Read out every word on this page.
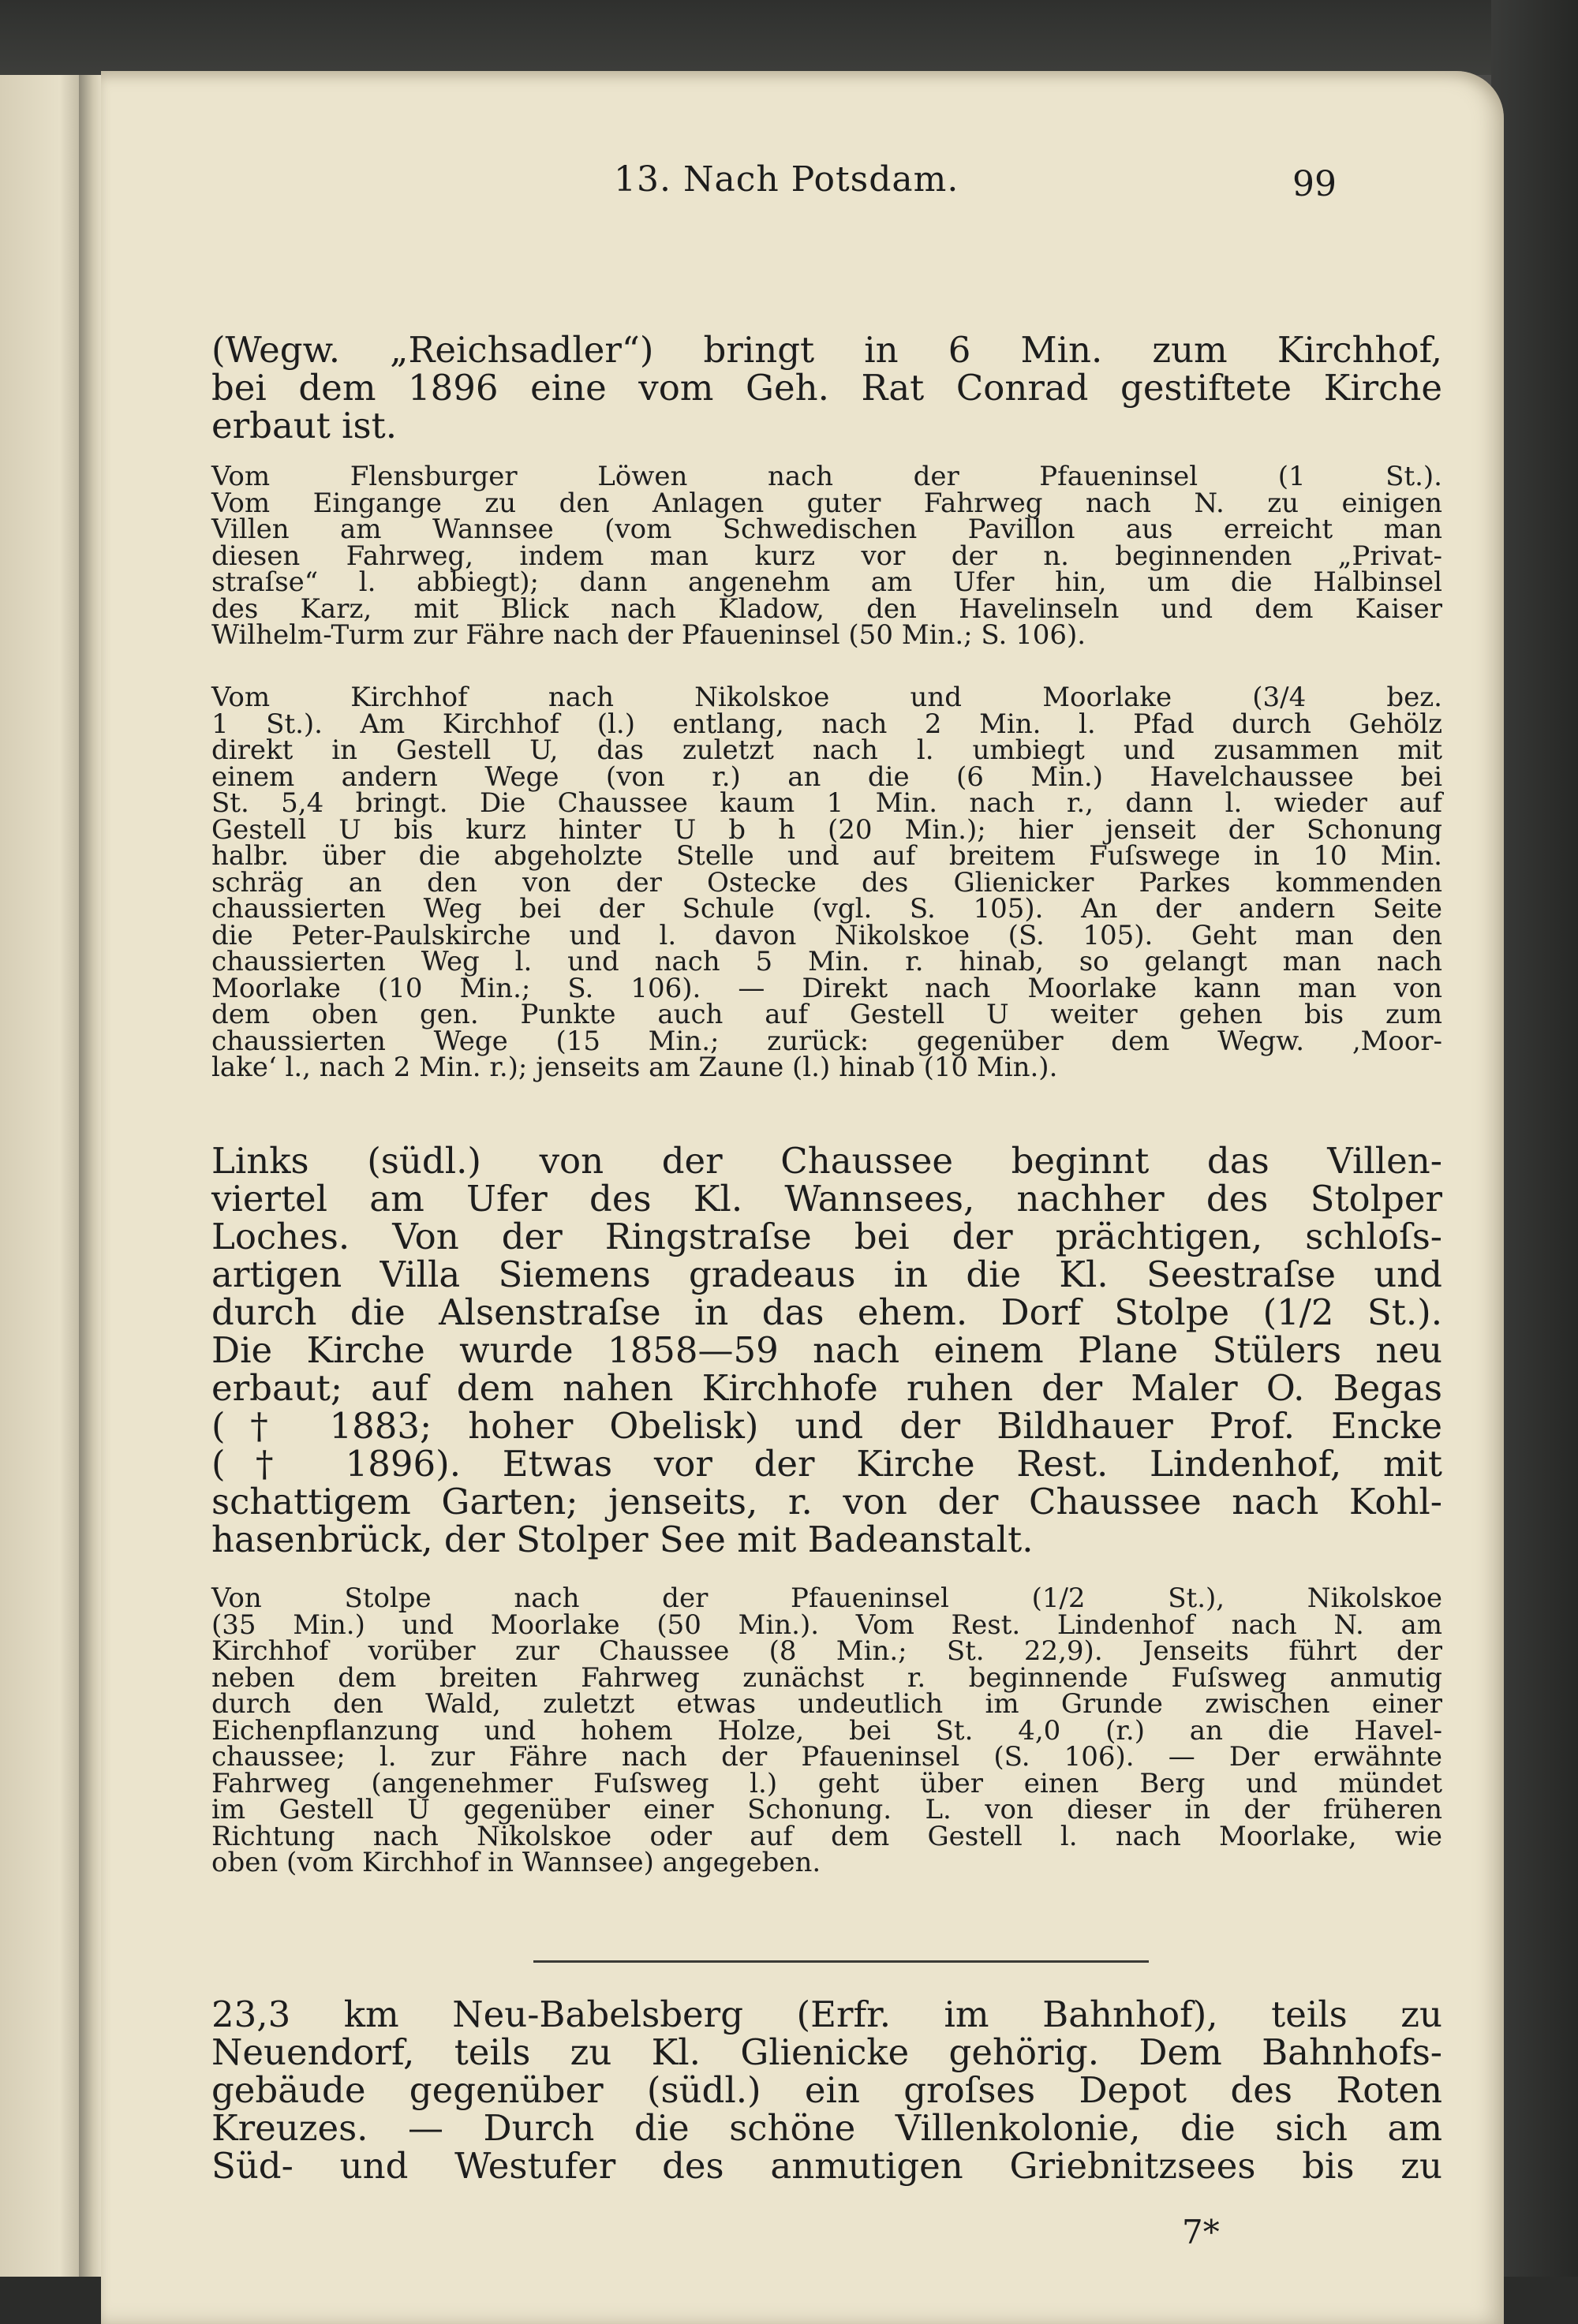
13. Nach Potsdam.	99
(Wegw. „Reichsadler“) bringt in 6 Min. zum Kirchhof,
bei dem 1896 eine vom Geh. Rat Conrad gestiftete Kirche
erbaut ist.
Vom Flensburger Löwen nach der Pfaueninsel (1 St.).
Vom Eingange zu den Anlagen guter Fahrweg nach N. zu einigen
Villen am Wannsee (vom Schwedischen Pavillon aus erreicht man
diesen Fahrweg, indem man kurz vor der n. beginnenden „Privat-
straſse“ l. abbiegt); dann angenehm am Ufer hin, um die Halbinsel
des Karz, mit Blick nach Kladow, den Havelinseln und dem Kaiser
Wilhelm-Turm zur Fähre nach der Pfaueninsel (50 Min.; S. 106).
Vom Kirchhof nach Nikolskoe und Moorlake (3/4 bez.
1 St.). Am Kirchhof (l.) entlang, nach 2 Min. l. Pfad durch Gehölz
direkt in Gestell U, das zuletzt nach l. umbiegt und zusammen mit
einem andern Wege (von r.) an die (6 Min.) Havelchaussee bei
St. 5,4 bringt. Die Chaussee kaum 1 Min. nach r., dann l. wieder auf
Gestell U bis kurz hinter U b h (20 Min.); hier jenseit der Schonung
halbr. über die abgeholzte Stelle und auf breitem Fuſswege in 10 Min.
schräg an den von der Ostecke des Glienicker Parkes kommenden
chaussierten Weg bei der Schule (vgl. S. 105). An der andern Seite
die Peter-Paulskirche und l. davon Nikolskoe (S. 105). Geht man den
chaussierten Weg l. und nach 5 Min. r. hinab, so gelangt man nach
Moorlake (10 Min.; S. 106). — Direkt nach Moorlake kann man von
dem oben gen. Punkte auch auf Gestell U weiter gehen bis zum
chaussierten Wege (15 Min.; zurück: gegenüber dem Wegw. ‚Moor-
lake‘ l., nach 2 Min. r.); jenseits am Zaune (l.) hinab (10 Min.).
Links (südl.) von der Chaussee beginnt das Villen-
viertel am Ufer des Kl. Wannsees, nachher des Stolper
Loches. Von der Ringstraſse bei der prächtigen, schloſs-
artigen Villa Siemens gradeaus in die Kl. Seestraſse und
durch die Alsenstraſse in das ehem. Dorf Stolpe (1/2 St.).
Die Kirche wurde 1858—59 nach einem Plane Stülers neu
erbaut; auf dem nahen Kirchhofe ruhen der Maler O. Begas
(† 1883; hoher Obelisk) und der Bildhauer Prof. Encke
(† 1896). Etwas vor der Kirche Rest. Lindenhof, mit
schattigem Garten; jenseits, r. von der Chaussee nach Kohl-
hasenbrück, der Stolper See mit Badeanstalt.
Von Stolpe nach der Pfaueninsel (1/2 St.), Nikolskoe
(35 Min.) und Moorlake (50 Min.). Vom Rest. Lindenhof nach N. am
Kirchhof vorüber zur Chaussee (8 Min.; St. 22,9). Jenseits führt der
neben dem breiten Fahrweg zunächst r. beginnende Fuſsweg anmutig
durch den Wald, zuletzt etwas undeutlich im Grunde zwischen einer
Eichenpflanzung und hohem Holze, bei St. 4,0 (r.) an die Havel-
chaussee; l. zur Fähre nach der Pfaueninsel (S. 106). — Der erwähnte
Fahrweg (angenehmer Fuſsweg l.) geht über einen Berg und mündet
im Gestell U gegenüber einer Schonung. L. von dieser in der früheren
Richtung nach Nikolskoe oder auf dem Gestell l. nach Moorlake, wie
oben (vom Kirchhof in Wannsee) angegeben.
23,3 km Neu-Babelsberg (Erfr. im Bahnhof), teils zu
Neuendorf, teils zu Kl. Glienicke gehörig. Dem Bahnhofs-
gebäude gegenüber (südl.) ein groſses Depot des Roten
Kreuzes. — Durch die schöne Villenkolonie, die sich am
Süd- und Westufer des anmutigen Griebnitzsees bis zu
7*
